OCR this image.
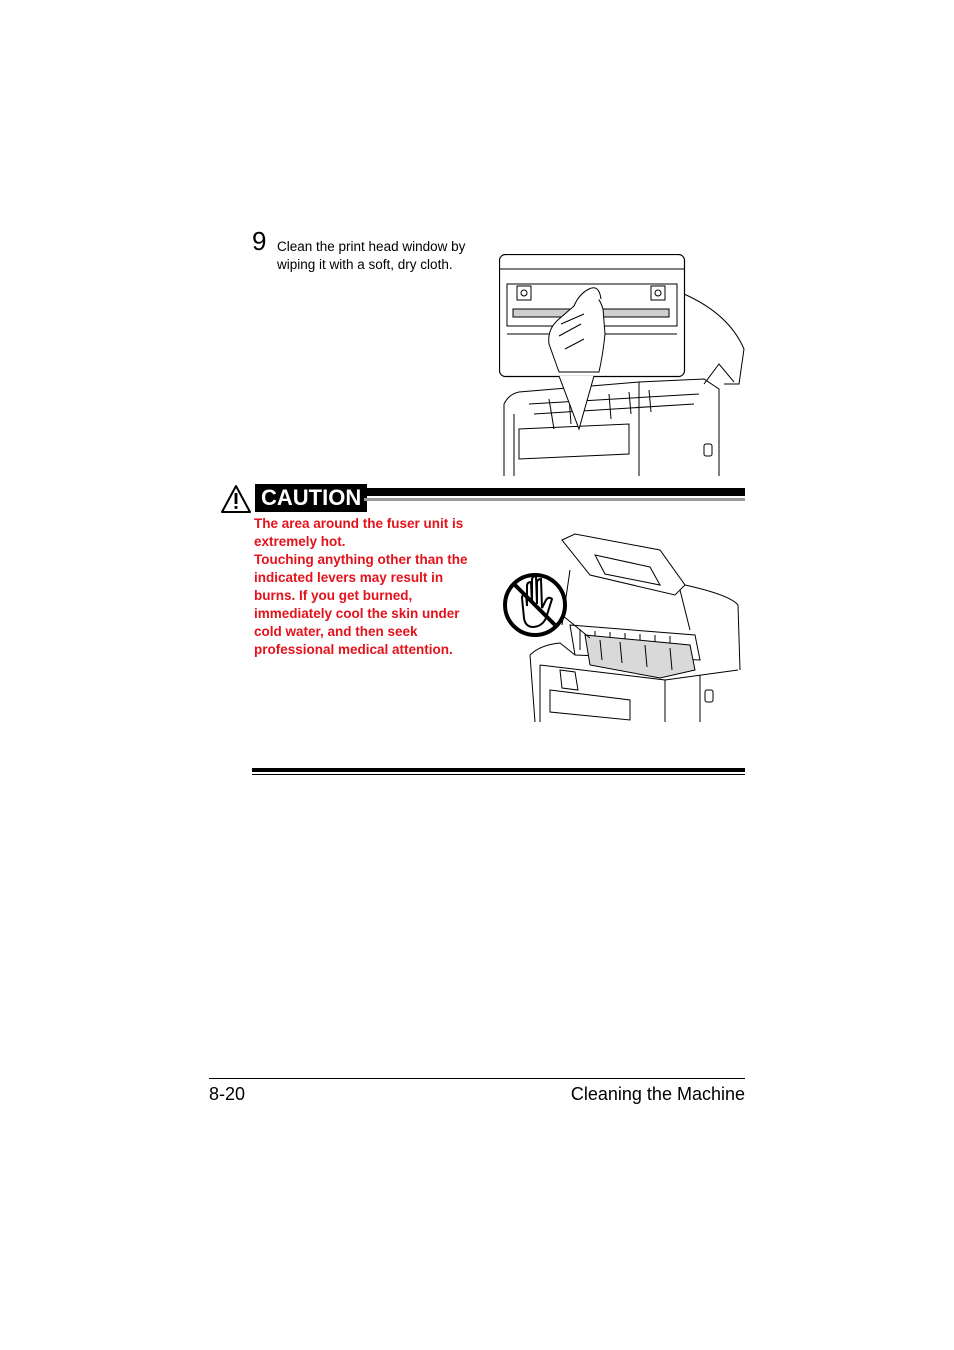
9 Clean the print head window by wiping it with a soft, dry cloth.
CAUTION

The area around the fuser unit is extremely hot.

Touching anything other than the indicated levers may result in burns. If you get burned, immediately cool the skin under cold water, and then seek professional medical attention.

8-20	Cleaning the Machine
